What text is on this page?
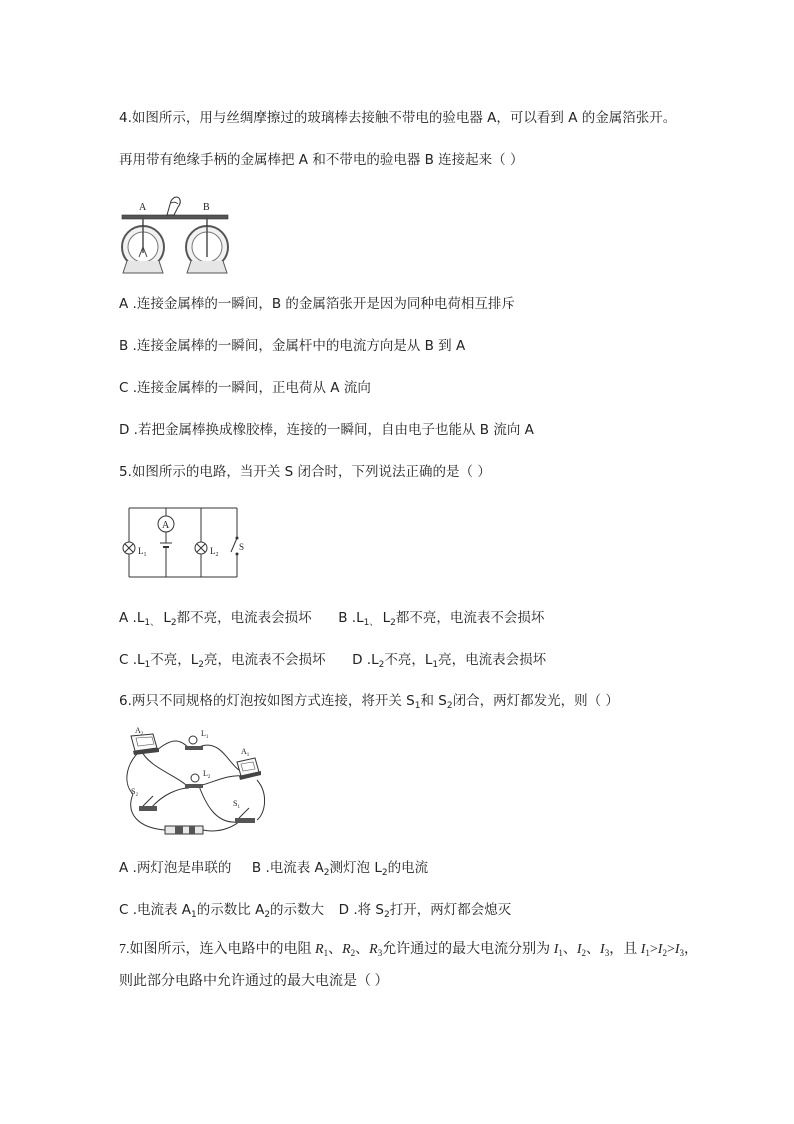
4.如图所示，用与丝绸摩擦过的玻璃棒去接触不带电的验电器 A，可以看到 A 的金属箔张开。
再用带有绝缘手柄的金属棒把 A 和不带电的验电器 B 连接起来（ ）
A	B
A .连接金属棒的一瞬间，B 的金属箔张开是因为同种电荷相互排斥
B .连接金属棒的一瞬间，金属杆中的电流方向是从 B 到 A
C .连接金属棒的一瞬间，正电荷从 A 流向
D .若把金属棒换成橡胶棒，连接的一瞬间，自由电子也能从 B 流向 A
5.如图所示的电路，当开关 S 闭合时，下列说法正确的是（ ）
A
$L_1$	$L_2$
S
A $.L_{1、}$ $L_2$都不亮，电流表会损坏 B $.L_{1、}$ $L_2$都不亮，电流表不会损坏
C $.L_1$不亮，$L_2$亮，电流表不会损坏 D $.L_2$不亮，$L_1$亮，电流表会损坏
6.两只不同规格的灯泡按如图方式连接，将开关 $S_1$和 $S_2$闭合，两灯都发光，则（ ）
$A_2$	$L_1$
$A_1$
$L_2$
$S_2$
$S_1$
A .两灯泡是串联的 B .电流表 $A_2$测灯泡 $L_2$的电流
C .电流表 $A_1$的示数比 $A_2$的示数大 D .将 $S_2$打开，两灯都会熄灭
7.如图所示，连入电路中的电阻 $R_1$、$R_2$、$R_3$允许通过的最大电流分别为 $I_1$、$I_2$、$I_3$，且 $I_1>I_2>I_3$，
则此部分电路中允许通过的最大电流是（ ）
